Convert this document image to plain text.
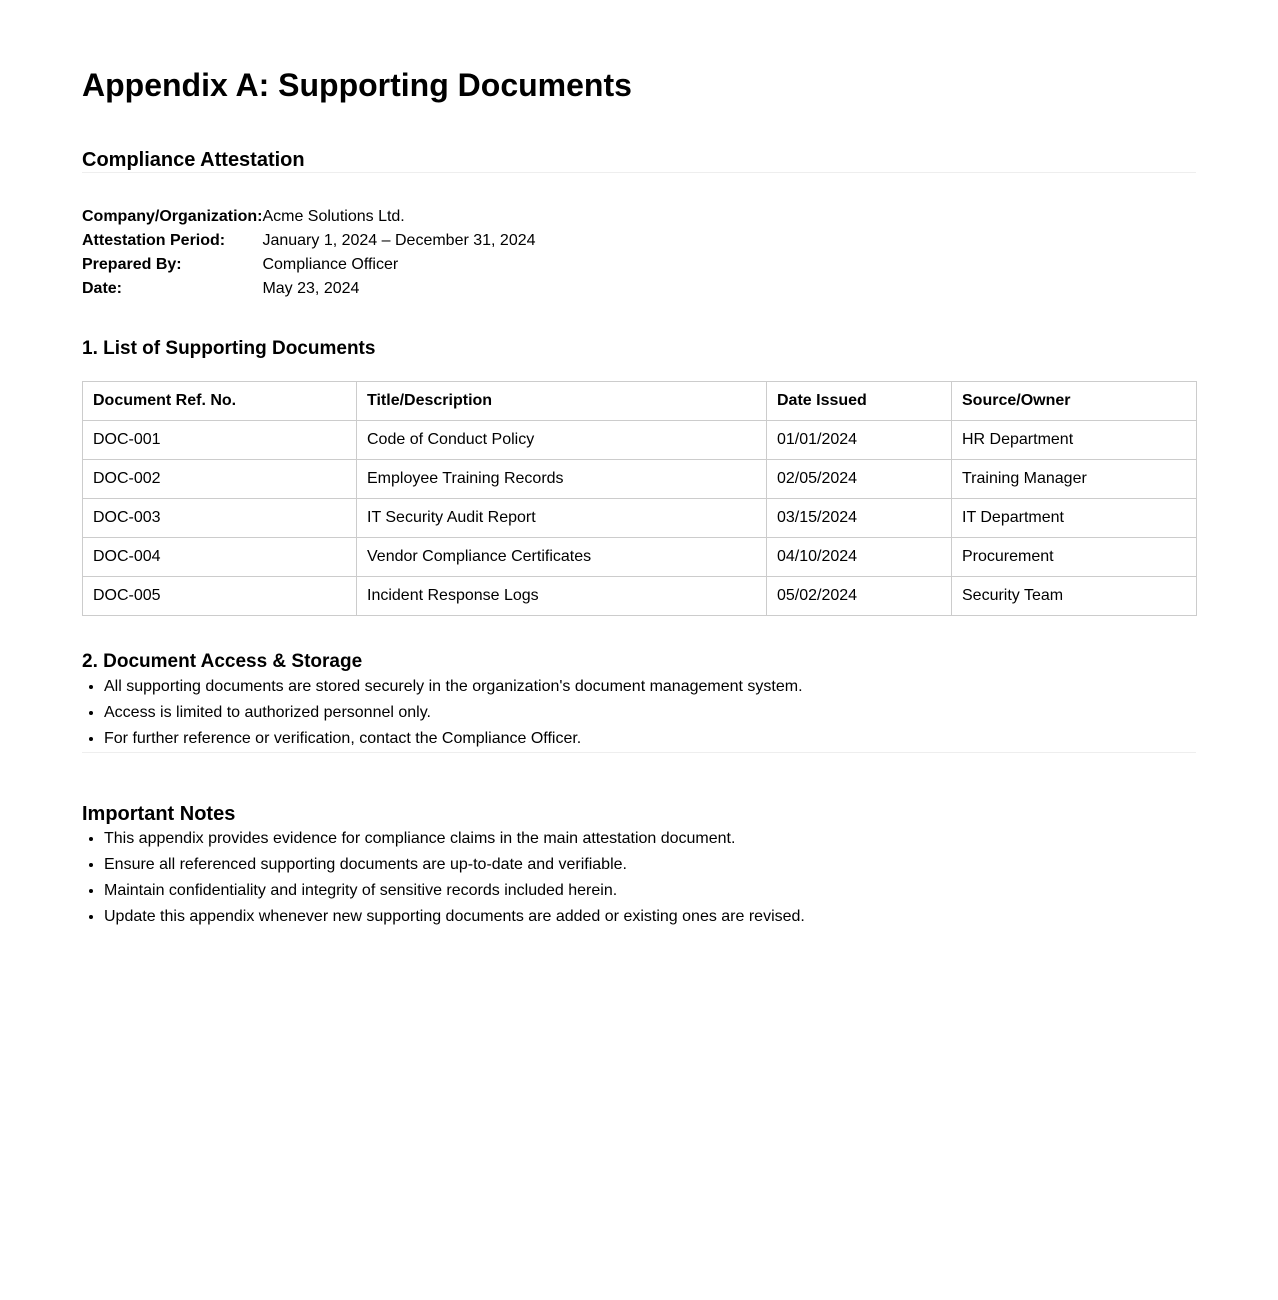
Appendix A: Supporting Documents
Compliance Attestation
Company/Organization:	Acme Solutions Ltd.
Attestation Period:	January 1, 2024 – December 31, 2024
Prepared By:	Compliance Officer
Date:	May 23, 2024
1. List of Supporting Documents
Document Ref. No.	Title/Description	Date Issued	Source/Owner
DOC-001	Code of Conduct Policy	01/01/2024	HR Department
DOC-002	Employee Training Records	02/05/2024	Training Manager
DOC-003	IT Security Audit Report	03/15/2024	IT Department
DOC-004	Vendor Compliance Certificates	04/10/2024	Procurement
DOC-005	Incident Response Logs	05/02/2024	Security Team
2. Document Access & Storage
• All supporting documents are stored securely in the organization's document management system.
• Access is limited to authorized personnel only.
• For further reference or verification, contact the Compliance Officer.
Important Notes
• This appendix provides evidence for compliance claims in the main attestation document.
• Ensure all referenced supporting documents are up-to-date and verifiable.
• Maintain confidentiality and integrity of sensitive records included herein.
• Update this appendix whenever new supporting documents are added or existing ones are revised.
